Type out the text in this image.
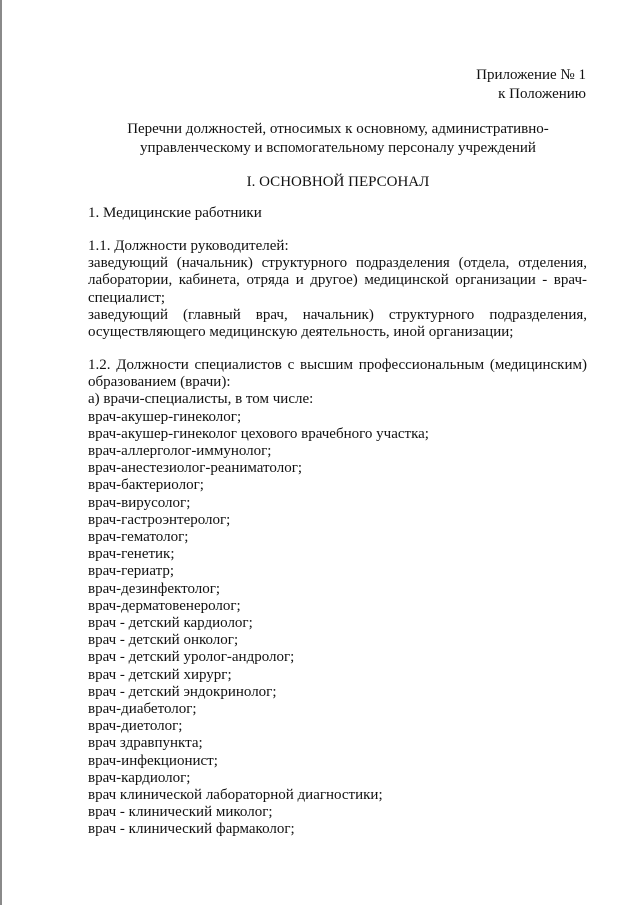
Приложение № 1
к Положению
Перечни должностей, относимых к основному, административно-
управленческому и вспомогательному персоналу учреждений
I. ОСНОВНОЙ ПЕРСОНАЛ
1. Медицинские работники

1.1. Должности руководителей:

заведующий (начальник) структурного подразделения (отдела, отделения, лаборатории, кабинета, отряда и другое) медицинской организации - врач-специалист;

заведующий (главный врач, начальник) структурного подразделения, осуществляющего медицинскую деятельность, иной организации;

1.2. Должности специалистов с высшим профессиональным (медицинским) образованием (врачи):

а) врачи-специалисты, в том числе:

врач-акушер-гинеколог;
врач-акушер-гинеколог цехового врачебного участка;
врач-аллерголог-иммунолог;
врач-анестезиолог-реаниматолог;
врач-бактериолог;
врач-вирусолог;
врач-гастроэнтеролог;
врач-гематолог;
врач-генетик;
врач-гериатр;
врач-дезинфектолог;
врач-дерматовенеролог;
врач - детский кардиолог;
врач - детский онколог;
врач - детский уролог-андролог;
врач - детский хирург;
врач - детский эндокринолог;
врач-диабетолог;
врач-диетолог;
врач здравпункта;
врач-инфекционист;
врач-кардиолог;
врач клинической лабораторной диагностики;
врач - клинический миколог;
врач - клинический фармаколог;
